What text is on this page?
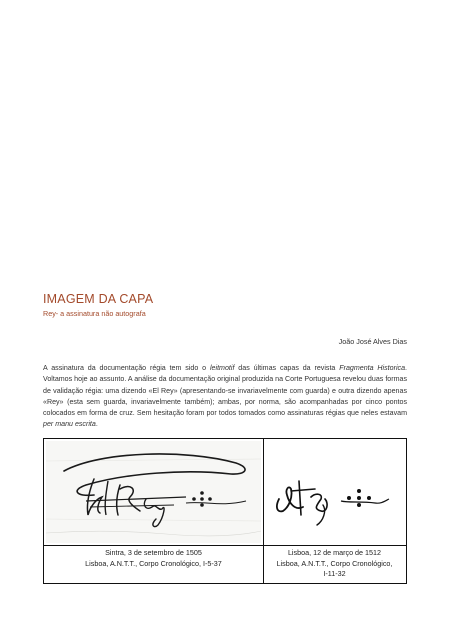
IMAGEM DA CAPA
Rey- a assinatura não autografa
João José Alves Dias
A assinatura da documentação régia tem sido o leitmotif das últimas capas da revista Fragmenta Historica. Voltamos hoje ao assunto. A análise da documentação original produzida na Corte Portuguesa revelou duas formas de validação régia: uma dizendo «El Rey» (apresentando-se invariavelmente com guarda) e outra dizendo apenas «Rey» (esta sem guarda, invariavelmente também); ambas, por norma, são acompanhadas por cinco pontos colocados em forma de cruz. Sem hesitação foram por todos tomados como assinaturas régias que neles estavam per manu escrita.
Sintra, 3 de setembro de 1505
Lisboa, A.N.T.T., Corpo Cronológico, I-5-37
Lisboa, 12 de março de 1512
Lisboa, A.N.T.T., Corpo Cronológico,
I-11-32
